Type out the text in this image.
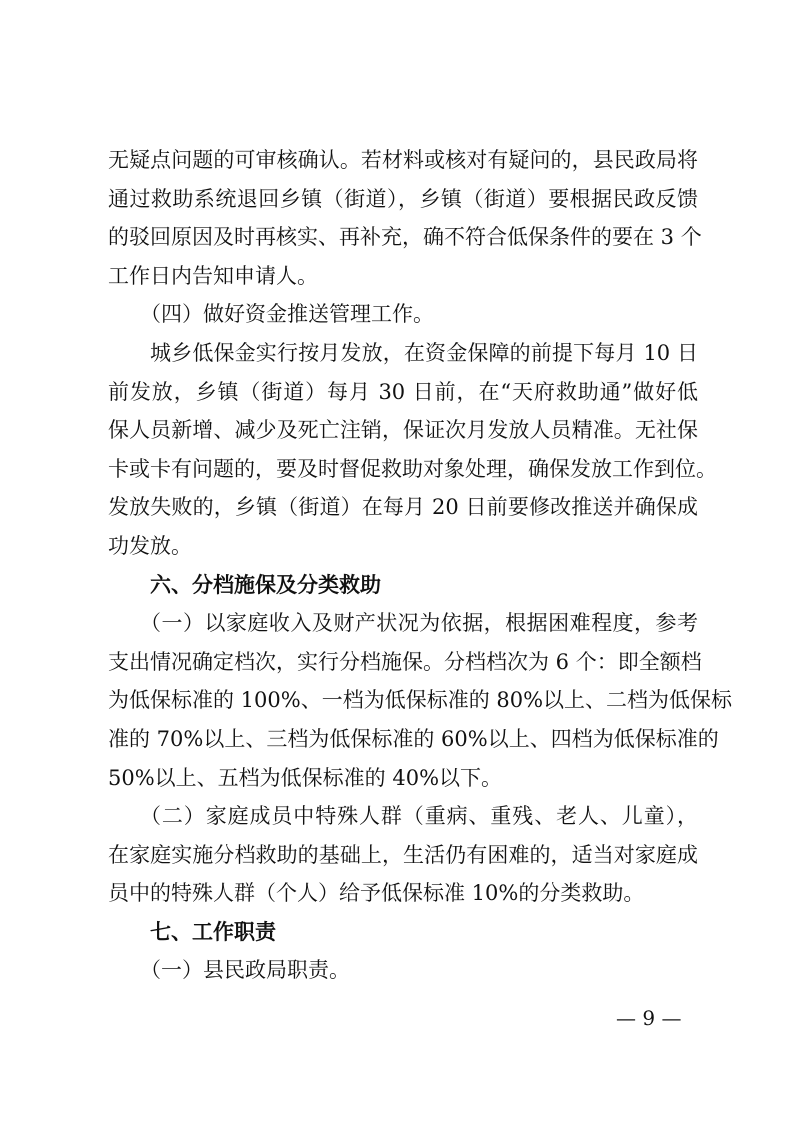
无疑点问题的可审核确认。若材料或核对有疑问的，县民政局将
通过救助系统退回乡镇（街道），乡镇（街道）要根据民政反馈
的驳回原因及时再核实、再补充，确不符合低保条件的要在 3 个
工作日内告知申请人。
（四）做好资金推送管理工作。
城乡低保金实行按月发放，在资金保障的前提下每月 10 日
前发放，乡镇（街道）每月 30 日前，在“天府救助通”做好低
保人员新增、减少及死亡注销，保证次月发放人员精准。无社保
卡或卡有问题的，要及时督促救助对象处理，确保发放工作到位。
发放失败的，乡镇（街道）在每月 20 日前要修改推送并确保成
功发放。
六、分档施保及分类救助
（一）以家庭收入及财产状况为依据，根据困难程度，参考
支出情况确定档次，实行分档施保。分档档次为 6 个：即全额档
为低保标准的 100%、一档为低保标准的 80%以上、二档为低保标
准的 70%以上、三档为低保标准的 60%以上、四档为低保标准的
50%以上、五档为低保标准的 40%以下。
（二）家庭成员中特殊人群（重病、重残、老人、儿童），
在家庭实施分档救助的基础上，生活仍有困难的，适当对家庭成
员中的特殊人群（个人）给予低保标准 10%的分类救助。
七、工作职责
（一）县民政局职责。
— 9 —
